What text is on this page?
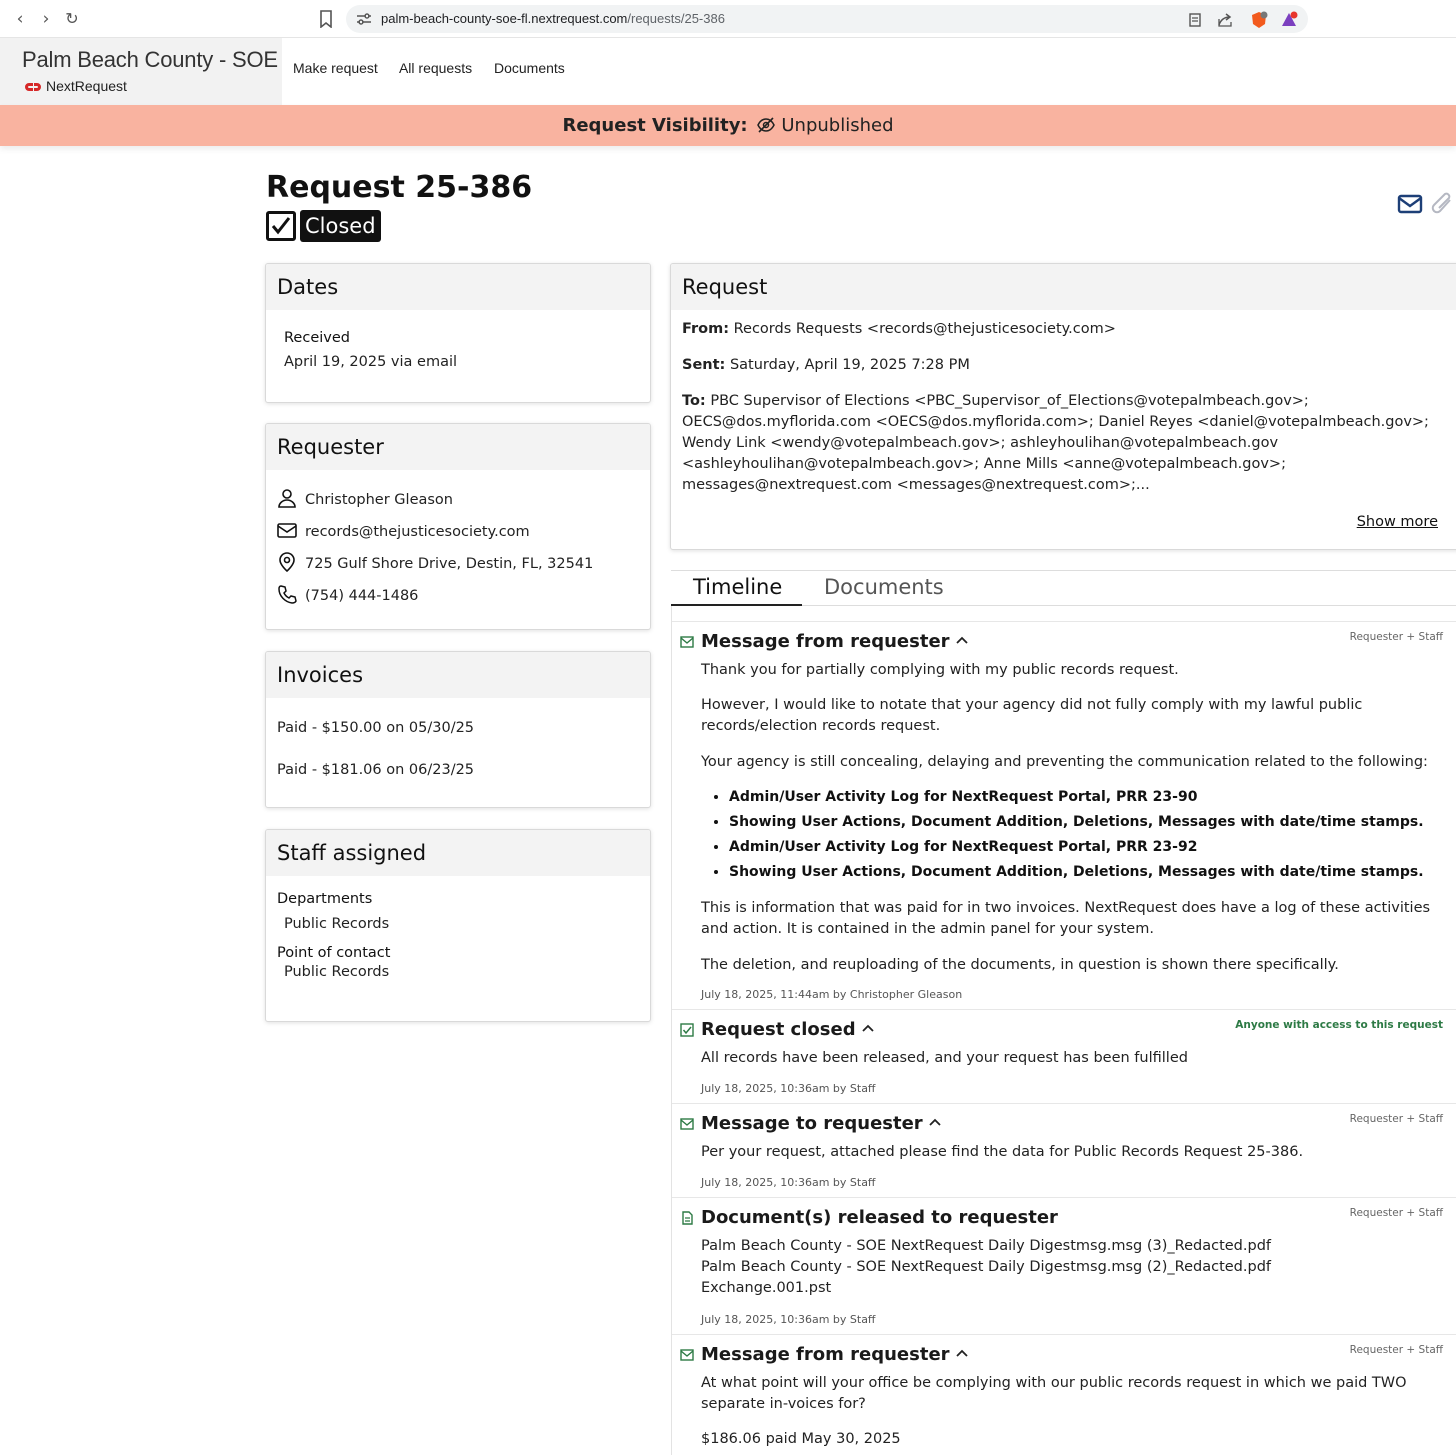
‹	› ↻	palm-beach-county-soe-fl.nextrequest.com/requests/25-386
Palm Beach County - SOE
NextRequest
Make request All requests Documents
Request Visibility: Unpublished
Request 25-386
Closed
Dates
Received
April 19, 2025 via email
Requester
Christopher Gleason
records@thejusticesociety.com
725 Gulf Shore Drive, Destin, FL, 32541
(754) 444-1486
Invoices
Paid - $150.00 on 05/30/25
Paid - $181.06 on 06/23/25
Staff assigned
Departments
Public Records
Point of contact
Public Records
Request

From: Records Requests <records@thejusticesociety.com>

Sent: Saturday, April 19, 2025 7:28 PM

To: PBC Supervisor of Elections <PBC_Supervisor_of_Elections@votepalmbeach.gov>; OECS@dos.myflorida.com <OECS@dos.myflorida.com>; Daniel Reyes <daniel@votepalmbeach.gov>; Wendy Link <wendy@votepalmbeach.gov>; ashleyhoulihan@votepalmbeach.gov <ashleyhoulihan@votepalmbeach.gov>; Anne Mills <anne@votepalmbeach.gov>; messages@nextrequest.com <messages@nextrequest.com>;...

Show more
Timeline Documents
Message from requester	Requester + Staff
Thank you for partially complying with my public records request.
However, I would like to notate that your agency did not fully comply with my lawful public records/election records request.
Your agency is still concealing, delaying and preventing the communication related to the following:
• Admin/User Activity Log for NextRequest Portal, PRR 23-90
• Showing User Actions, Document Addition, Deletions, Messages with date/time stamps.
• Admin/User Activity Log for NextRequest Portal, PRR 23-92
• Showing User Actions, Document Addition, Deletions, Messages with date/time stamps.
This is information that was paid for in two invoices. NextRequest does have a log of these activities and action. It is contained in the admin panel for your system.
The deletion, and reuploading of the documents, in question is shown there specifically.
July 18, 2025, 11:44am by Christopher Gleason
Request closed	Anyone with access to this request
All records have been released, and your request has been fulfilled
July 18, 2025, 10:36am by Staff
Message to requester	Requester + Staff
Per your request, attached please find the data for Public Records Request 25-386.
July 18, 2025, 10:36am by Staff
Document(s) released to requester	Requester + Staff
Palm Beach County - SOE NextRequest Daily Digestmsg.msg (3)_Redacted.pdf
Palm Beach County - SOE NextRequest Daily Digestmsg.msg (2)_Redacted.pdf
Exchange.001.pst
July 18, 2025, 10:36am by Staff
Message from requester	Requester + Staff
At what point will your office be complying with our public records request in which we paid TWO separate in-voices for?
$186.06 paid May 30, 2025
